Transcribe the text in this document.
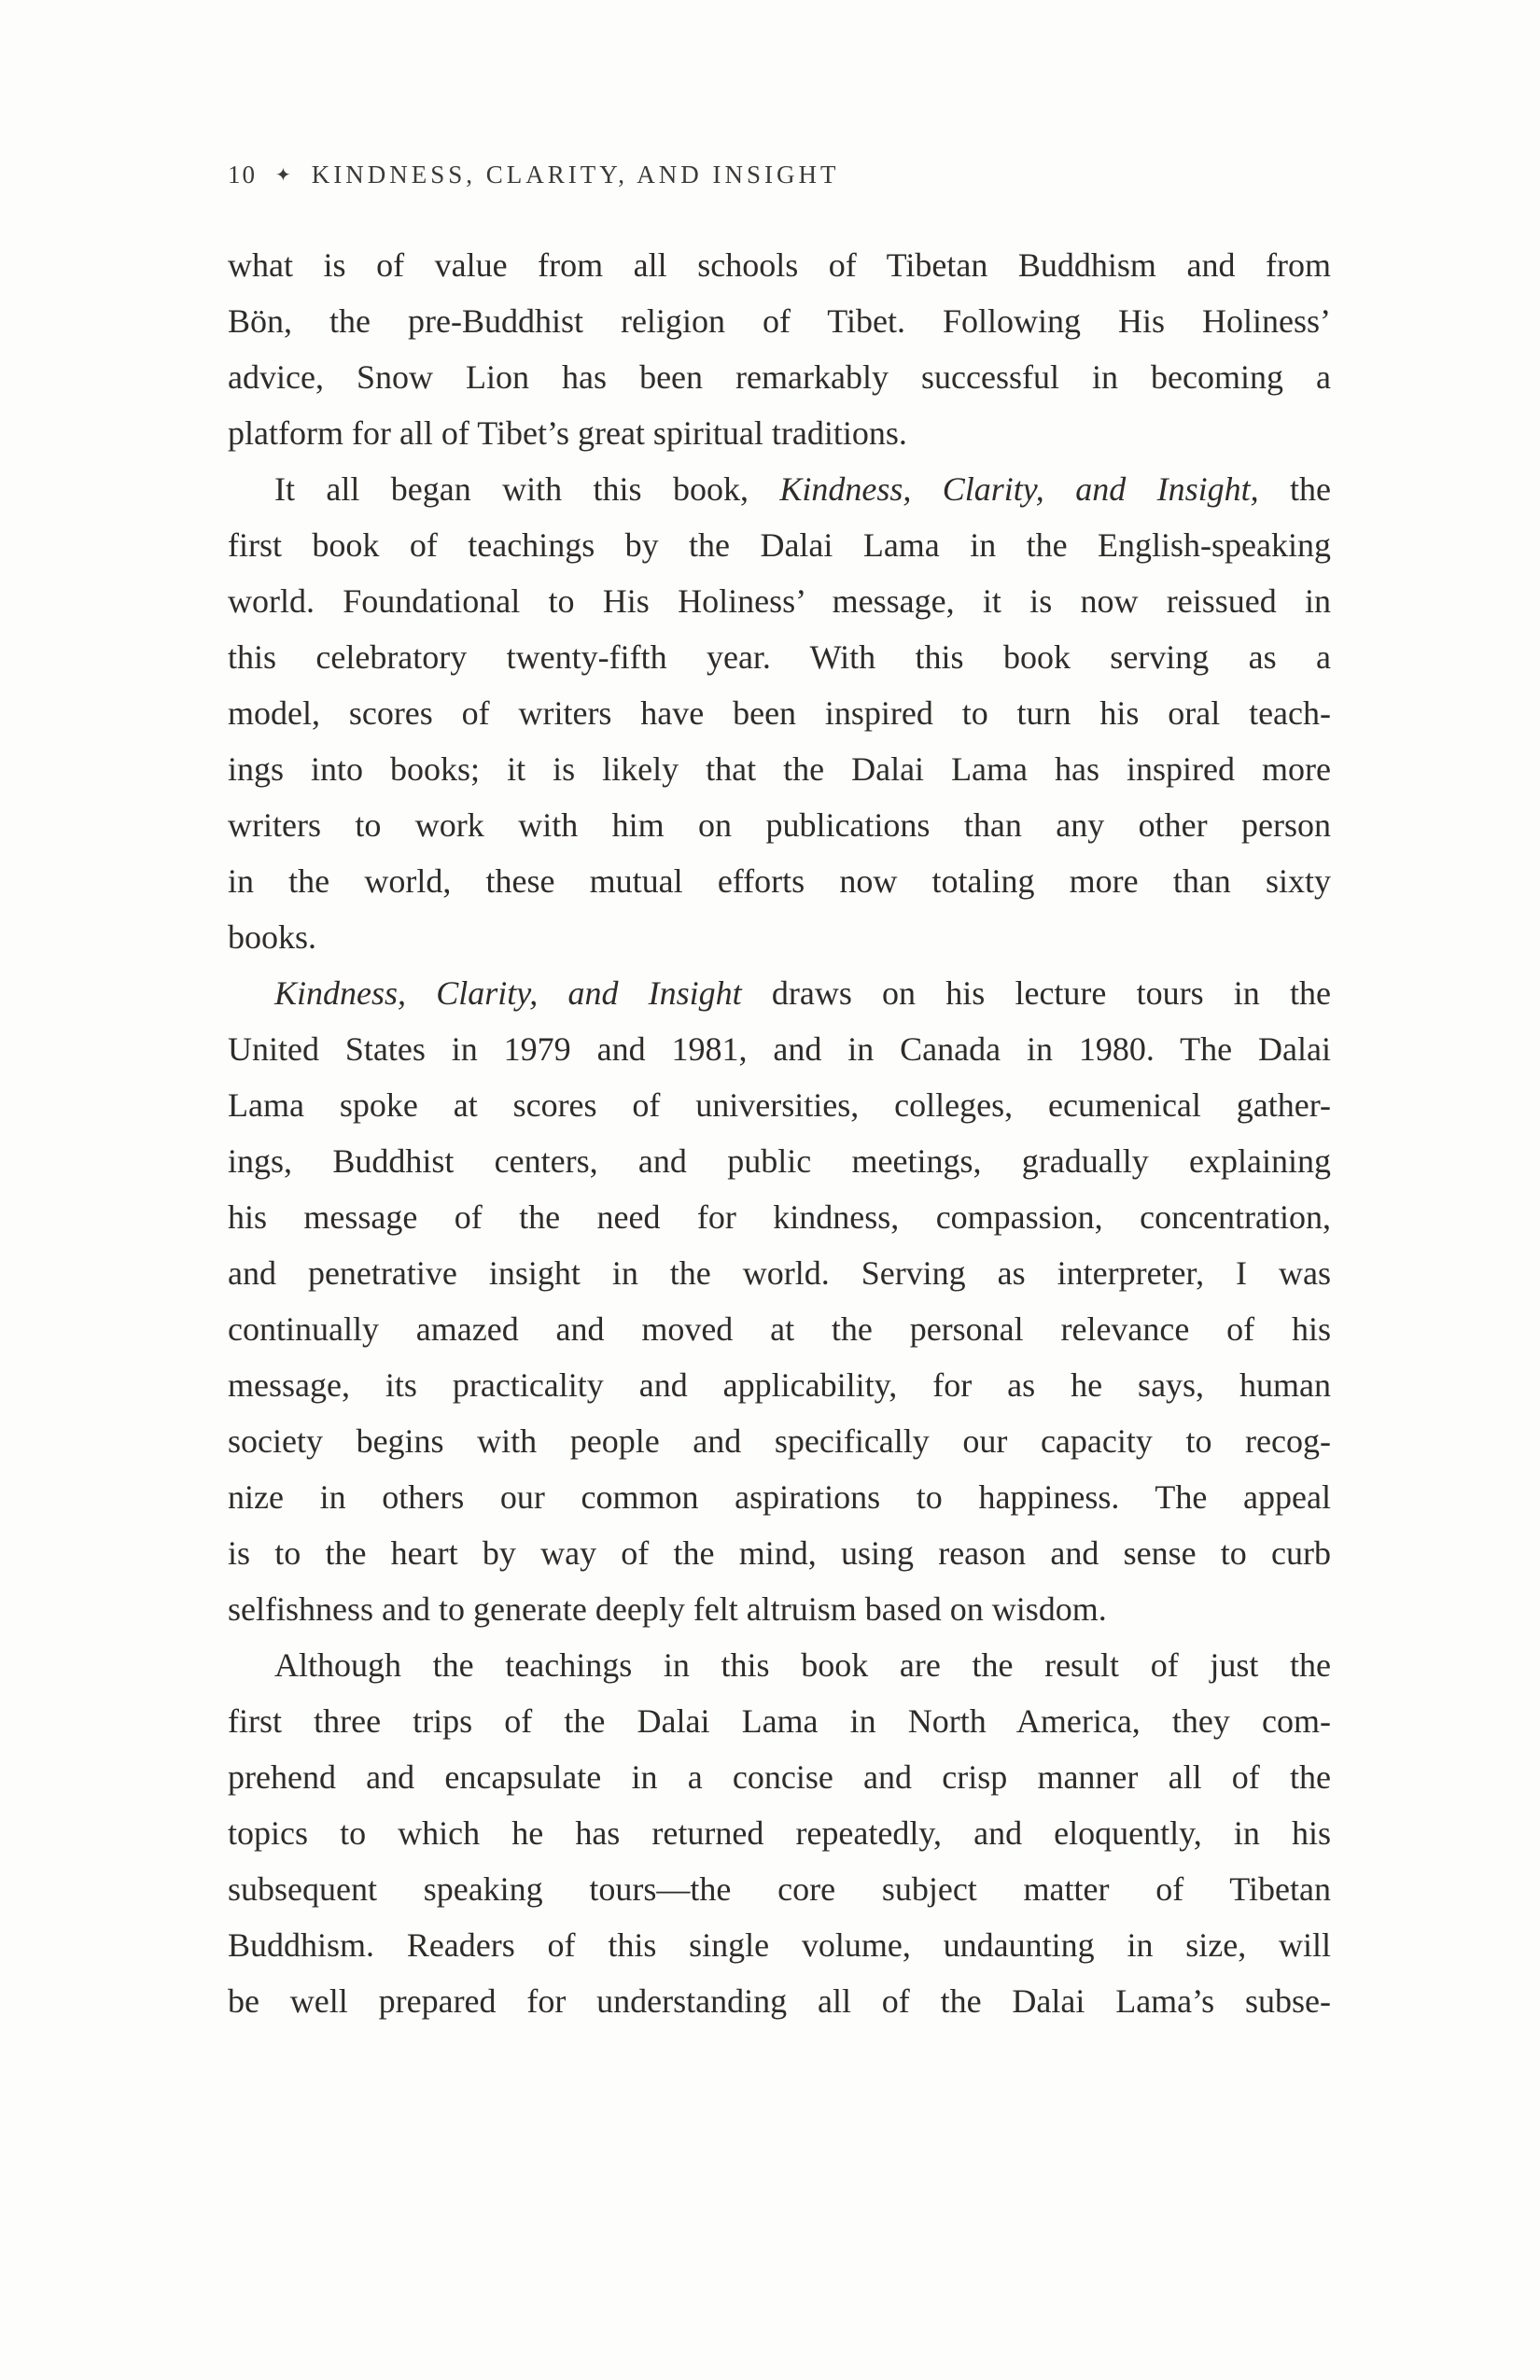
10 ✦ KINDNESS, CLARITY, AND INSIGHT
what is of value from all schools of Tibetan Buddhism and from
Bön, the pre-Buddhist religion of Tibet. Following His Holiness’
advice, Snow Lion has been remarkably successful in becoming a
platform for all of Tibet’s great spiritual traditions.
It all began with this book, Kindness, Clarity, and Insight, the
first book of teachings by the Dalai Lama in the English-speaking
world. Foundational to His Holiness’ message, it is now reissued in
this celebratory twenty-fifth year. With this book serving as a
model, scores of writers have been inspired to turn his oral teach-
ings into books; it is likely that the Dalai Lama has inspired more
writers to work with him on publications than any other person
in the world, these mutual efforts now totaling more than sixty
books.
Kindness, Clarity, and Insight draws on his lecture tours in the
United States in 1979 and 1981, and in Canada in 1980. The Dalai
Lama spoke at scores of universities, colleges, ecumenical gather-
ings, Buddhist centers, and public meetings, gradually explaining
his message of the need for kindness, compassion, concentration,
and penetrative insight in the world. Serving as interpreter, I was
continually amazed and moved at the personal relevance of his
message, its practicality and applicability, for as he says, human
society begins with people and specifically our capacity to recog-
nize in others our common aspirations to happiness. The appeal
is to the heart by way of the mind, using reason and sense to curb
selfishness and to generate deeply felt altruism based on wisdom.
Although the teachings in this book are the result of just the
first three trips of the Dalai Lama in North America, they com-
prehend and encapsulate in a concise and crisp manner all of the
topics to which he has returned repeatedly, and eloquently, in his
subsequent speaking tours—the core subject matter of Tibetan
Buddhism. Readers of this single volume, undaunting in size, will
be well prepared for understanding all of the Dalai Lama’s subse-
